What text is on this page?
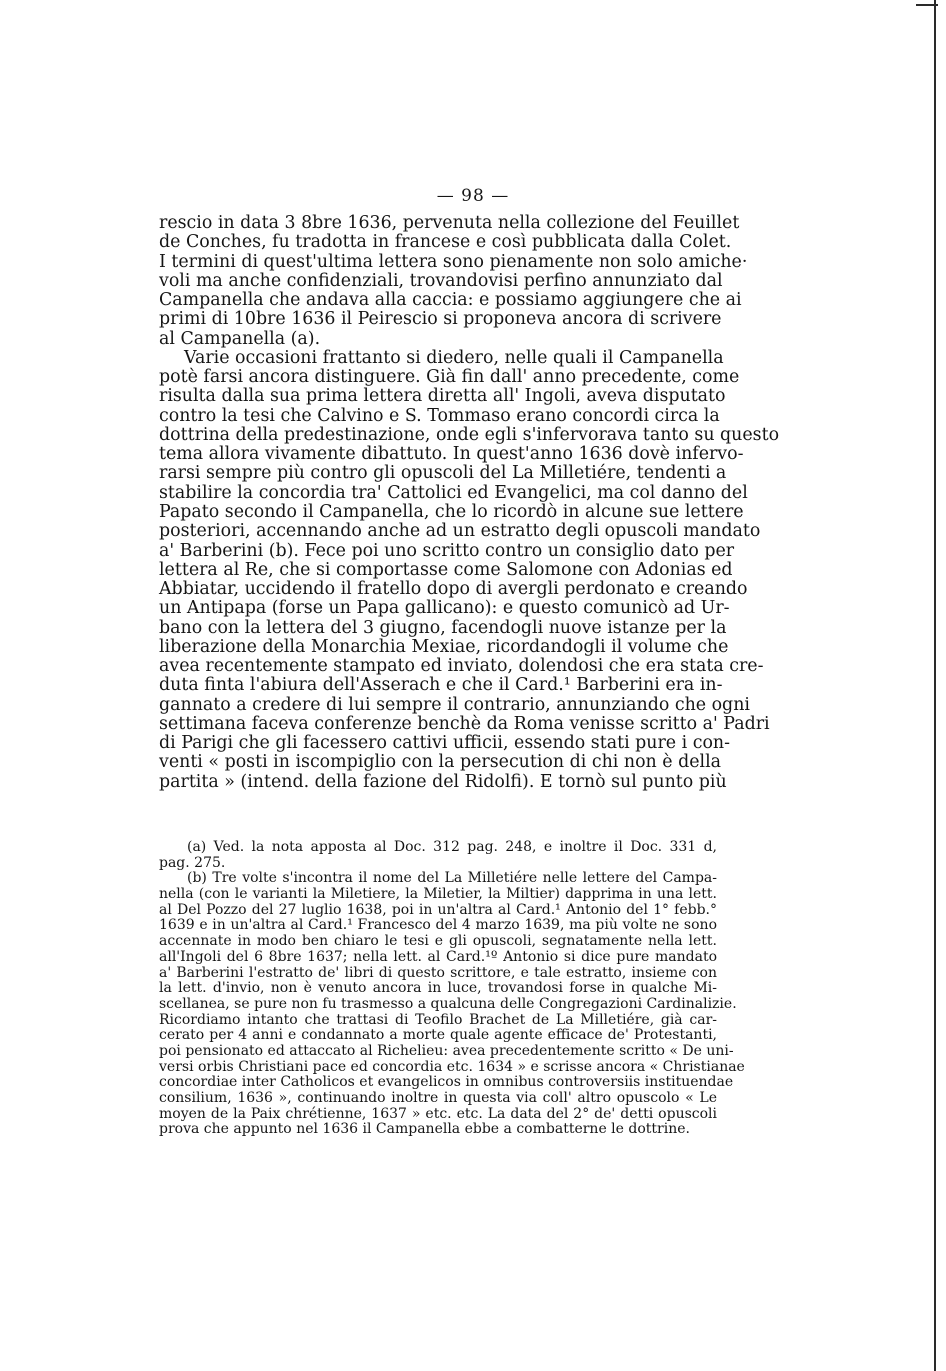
— 98 —
rescio in data 3 8bre 1636, pervenuta nella collezione del Feuillet
de Conches, fu tradotta in francese e così pubblicata dalla Colet.
I termini di quest'ultima lettera sono pienamente non solo amiche·
voli ma anche confidenziali, trovandovisi perfino annunziato dal
Campanella che andava alla caccia: e possiamo aggiungere che ai
primi di 10bre 1636 il Peirescio si proponeva ancora di scrivere
al Campanella (a).
Varie occasioni frattanto si diedero, nelle quali il Campanella
potè farsi ancora distinguere. Già fin dall' anno precedente, come
risulta dalla sua prima lettera diretta all' Ingoli, aveva disputato
contro la tesi che Calvino e S. Tommaso erano concordi circa la
dottrina della predestinazione, onde egli s'infervorava tanto su questo
tema allora vivamente dibattuto. In quest'anno 1636 dovè infervo-
rarsi sempre più contro gli opuscoli del La Milletiére, tendenti a
stabilire la concordia tra' Cattolici ed Evangelici, ma col danno del
Papato secondo il Campanella, che lo ricordò in alcune sue lettere
posteriori, accennando anche ad un estratto degli opuscoli mandato
a' Barberini (b). Fece poi uno scritto contro un consiglio dato per
lettera al Re, che si comportasse come Salomone con Adonias ed
Abbiatar, uccidendo il fratello dopo di avergli perdonato e creando
un Antipapa (forse un Papa gallicano): e questo comunicò ad Ur-
bano con la lettera del 3 giugno, facendogli nuove istanze per la
liberazione della Monarchia Mexiae, ricordandogli il volume che
avea recentemente stampato ed inviato, dolendosi che era stata cre-
duta finta l'abiura dell'Asserach e che il Card.¹ Barberini era in-
gannato a credere di lui sempre il contrario, annunziando che ogni
settimana faceva conferenze benchè da Roma venisse scritto a' Padri
di Parigi che gli facessero cattivi ufficii, essendo stati pure i con-
venti « posti in iscompiglio con la persecution di chi non è della
partita » (intend. della fazione del Ridolfi). E tornò sul punto più
(a) Ved. la nota apposta al Doc. 312 pag. 248, e inoltre il Doc. 331 d,
pag. 275.
(b) Tre volte s'incontra il nome del La Milletiére nelle lettere del Campa-
nella (con le varianti la Miletiere, la Miletier, la Miltier) dapprima in una lett.
al Del Pozzo del 27 luglio 1638, poi in un'altra al Card.¹ Antonio del 1° febb.°
1639 e in un'altra al Card.¹ Francesco del 4 marzo 1639, ma più volte ne sono
accennate in modo ben chiaro le tesi e gli opuscoli, segnatamente nella lett.
all'Ingoli del 6 8bre 1637; nella lett. al Card.¹º Antonio si dice pure mandato
a' Barberini l'estratto de' libri di questo scrittore, e tale estratto, insieme con
la lett. d'invio, non è venuto ancora in luce, trovandosi forse in qualche Mi-
scellanea, se pure non fu trasmesso a qualcuna delle Congregazioni Cardinalizie.
Ricordiamo intanto che trattasi di Teofilo Brachet de La Milletiére, già car-
cerato per 4 anni e condannato a morte quale agente efficace de' Protestanti,
poi pensionato ed attaccato al Richelieu: avea precedentemente scritto « De uni-
versi orbis Christiani pace ed concordia etc. 1634 » e scrisse ancora « Christianae
concordiae inter Catholicos et evangelicos in omnibus controversiis instituendae
consilium, 1636 », continuando inoltre in questa via coll' altro opuscolo « Le
moyen de la Paix chrétienne, 1637 » etc. etc. La data del 2° de' detti opuscoli
prova che appunto nel 1636 il Campanella ebbe a combatterne le dottrine.
